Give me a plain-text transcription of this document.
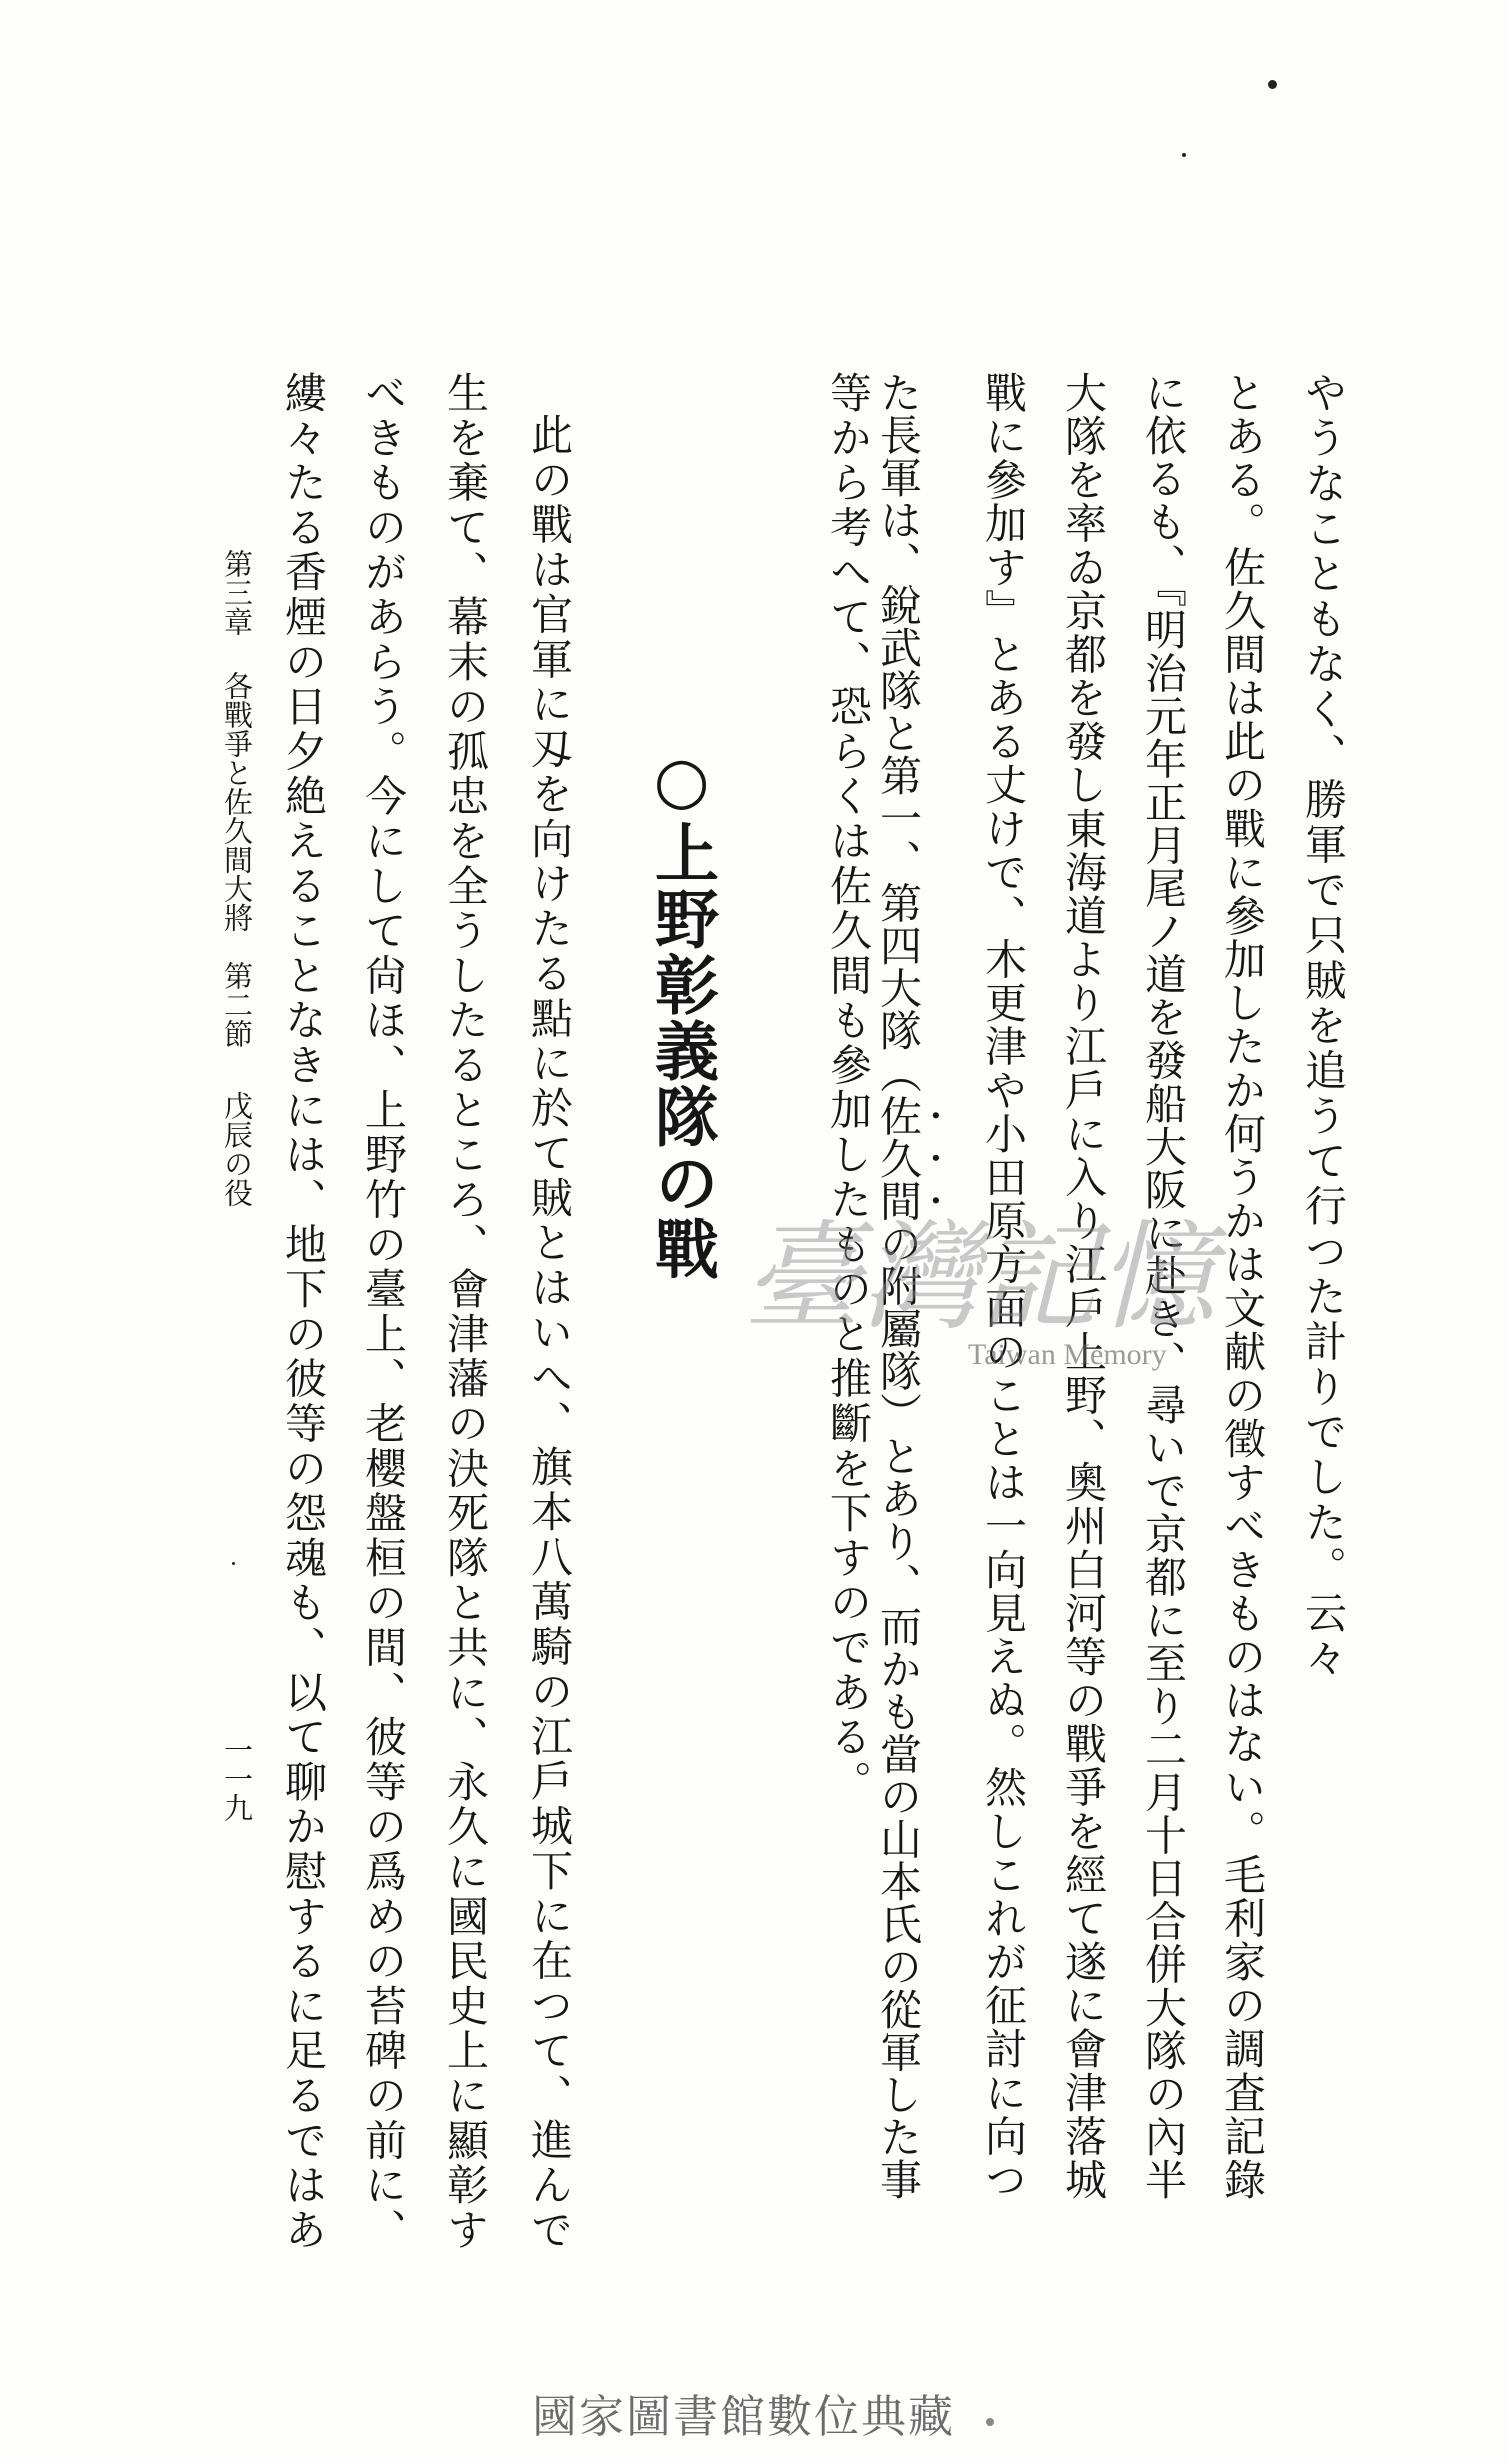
やうなこともなく、勝軍で只賊を追うて行つた計りでした。云々
とある。佐久間は此の戰に參加したか何うかは文献の徵すべきものはない。毛利家の調査記錄
に依るも、『明治元年正月尾ノ道を發船大阪に赴き、尋いで京都に至り二月十日合併大隊の內半
大隊を率ゐ京都を發し東海道より江戶に入り江戶上野、奧州白河等の戰爭を經て遂に會津落城
戰に參加す』とある丈けで、木更津や小田原方面のことは一向見えぬ。然しこれが征討に向つ
た長軍は、銳武隊と第一、第四大隊（佐久間の附屬隊）とあり、而かも當の山本氏の從軍した事
等から考へて、恐らくは佐久間も參加したものと推斷を下すのである。
○上野彰義隊の戰
此の戰は官軍に刄を向けたる點に於て賊とはいへ、旗本八萬騎の江戶城下に在つて、進んで
生を棄て、幕末の孤忠を全うしたるところ、會津藩の決死隊と共に、永久に國民史上に顯彰す
べきものがあらう。今にして尙ほ、上野竹の臺上、老櫻盤桓の間、彼等の爲めの苔碑の前に、
縷々たる香煙の日夕絶えることなきには、地下の彼等の怨魂も、以て聊か慰するに足るではあ
第三章各戰爭と佐久間大將第二節戊辰の役
一一九
臺灣記憶
Taiwan Memory
國家圖書館數位典藏
